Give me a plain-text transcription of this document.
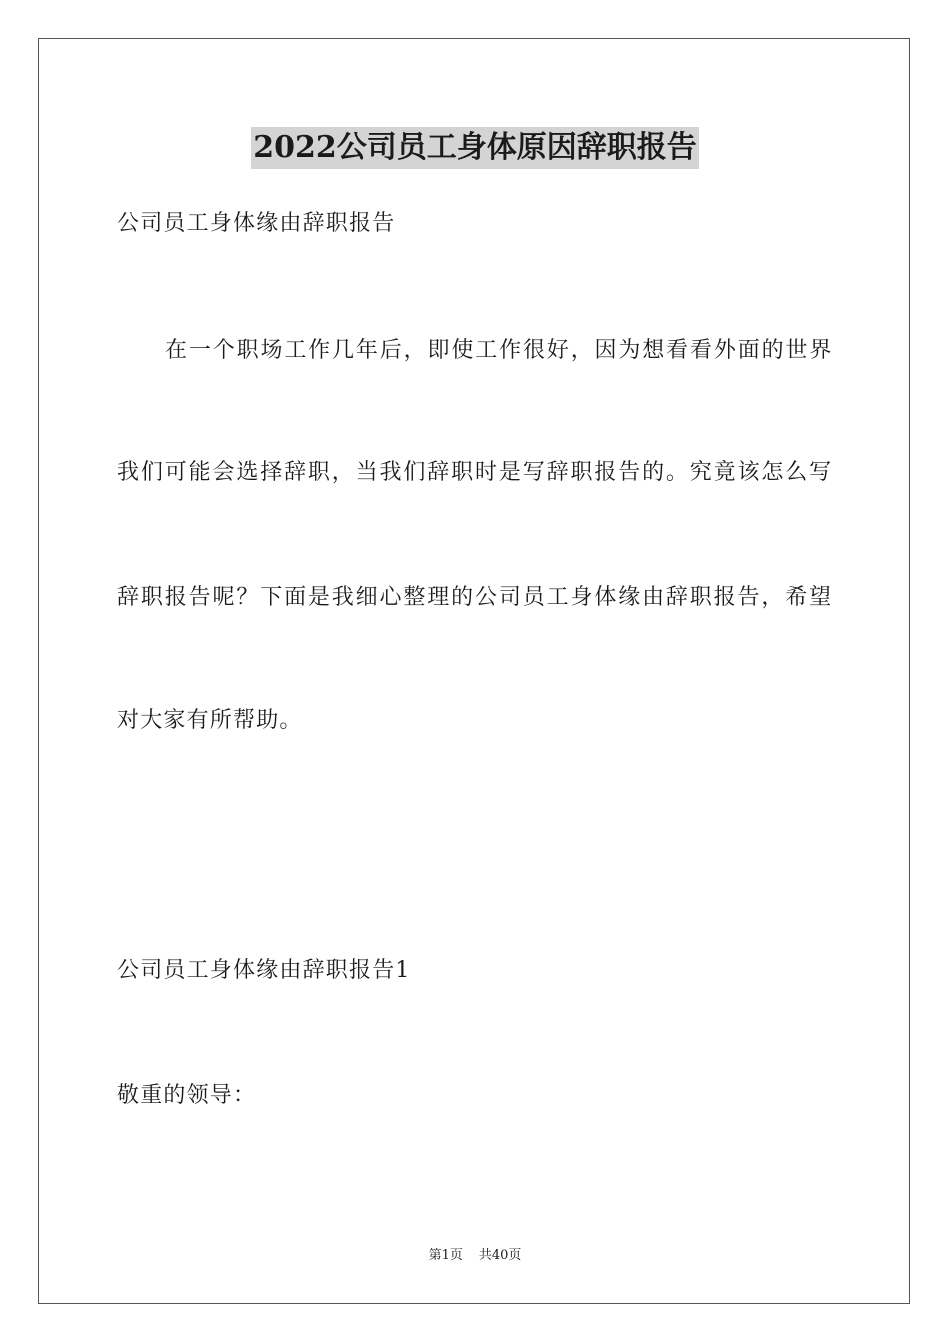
2022公司员工身体原因辞职报告
公司员工身体缘由辞职报告
在一个职场工作几年后，即使工作很好，因为想看看外面的世界
我们可能会选择辞职，当我们辞职时是写辞职报告的。究竟该怎么写
辞职报告呢？下面是我细心整理的公司员工身体缘由辞职报告，希望
对大家有所帮助。
公司员工身体缘由辞职报告1
敬重的领导：
第1页 共40页
